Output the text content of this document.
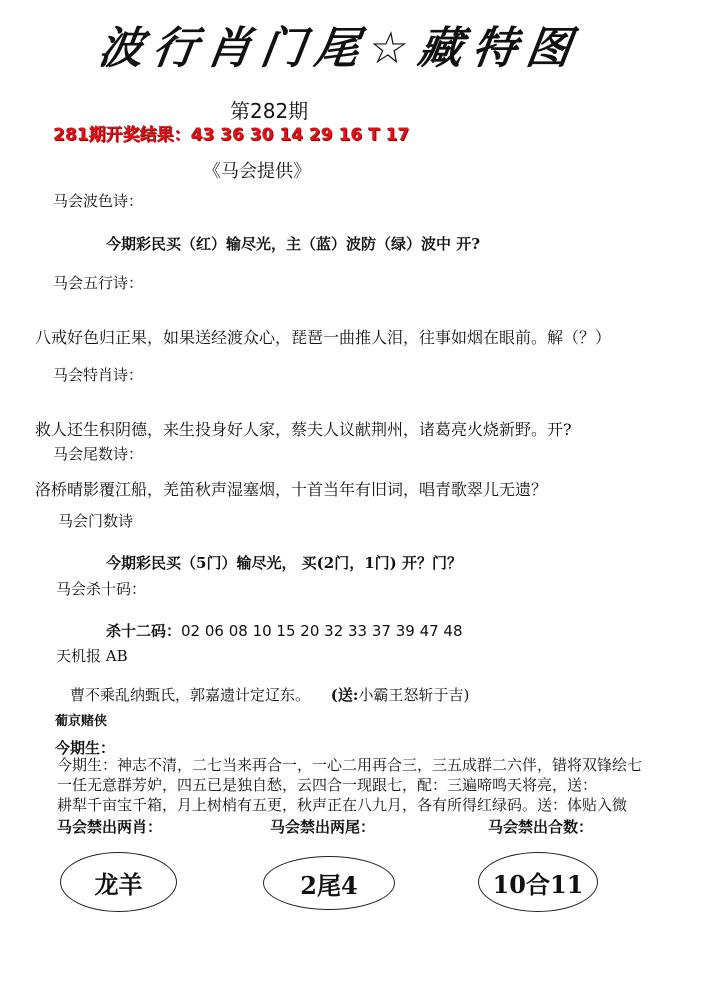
波行肖门尾☆藏特图
第282期
281期开奖结果：43 36 30 14 29 16 T 17
《马会提供》
马会波色诗：
今期彩民买（红）输尽光，主（蓝）波防（绿）波中 开?
马会五行诗：
八戒好色归正果，如果送经渡众心，琵琶一曲推人泪，往事如烟在眼前。解（？）
马会特肖诗：
救人还生积阴德，来生投身好人家，蔡夫人议献荆州，诸葛亮火烧新野。开?
马会尾数诗：
洛桥晴影覆江船，羌笛秋声湿塞烟，十首当年有旧词，唱青歌翠儿无遗？
马会门数诗
今期彩民买（5门）输尽光， 买(2门，1门) 开？门？
马会杀十码：
杀十二码：02 06 08 10 15 20 32 33 37 39 47 48
天机报 AB
曹不乘乱纳甄氏，郭嘉遗计定辽东。 (送:小霸王怒斩于吉)
葡京赌侠
今期生：
今期生：神志不清，二七当来再合一，一心二用再合三，三五成群二六伴，错将双锋绘七
一任无意群芳妒，四五已是独自愁，云四合一现跟七，配：三遍啼鸣天将亮，送：
耕犁千亩宝千箱，月上树梢有五更，秋声正在八九月，各有所得红绿码。送：体贴入微
马会禁出两肖：	马会禁出两尾：	马会禁出合数：
龙羊	2尾4	10合11
